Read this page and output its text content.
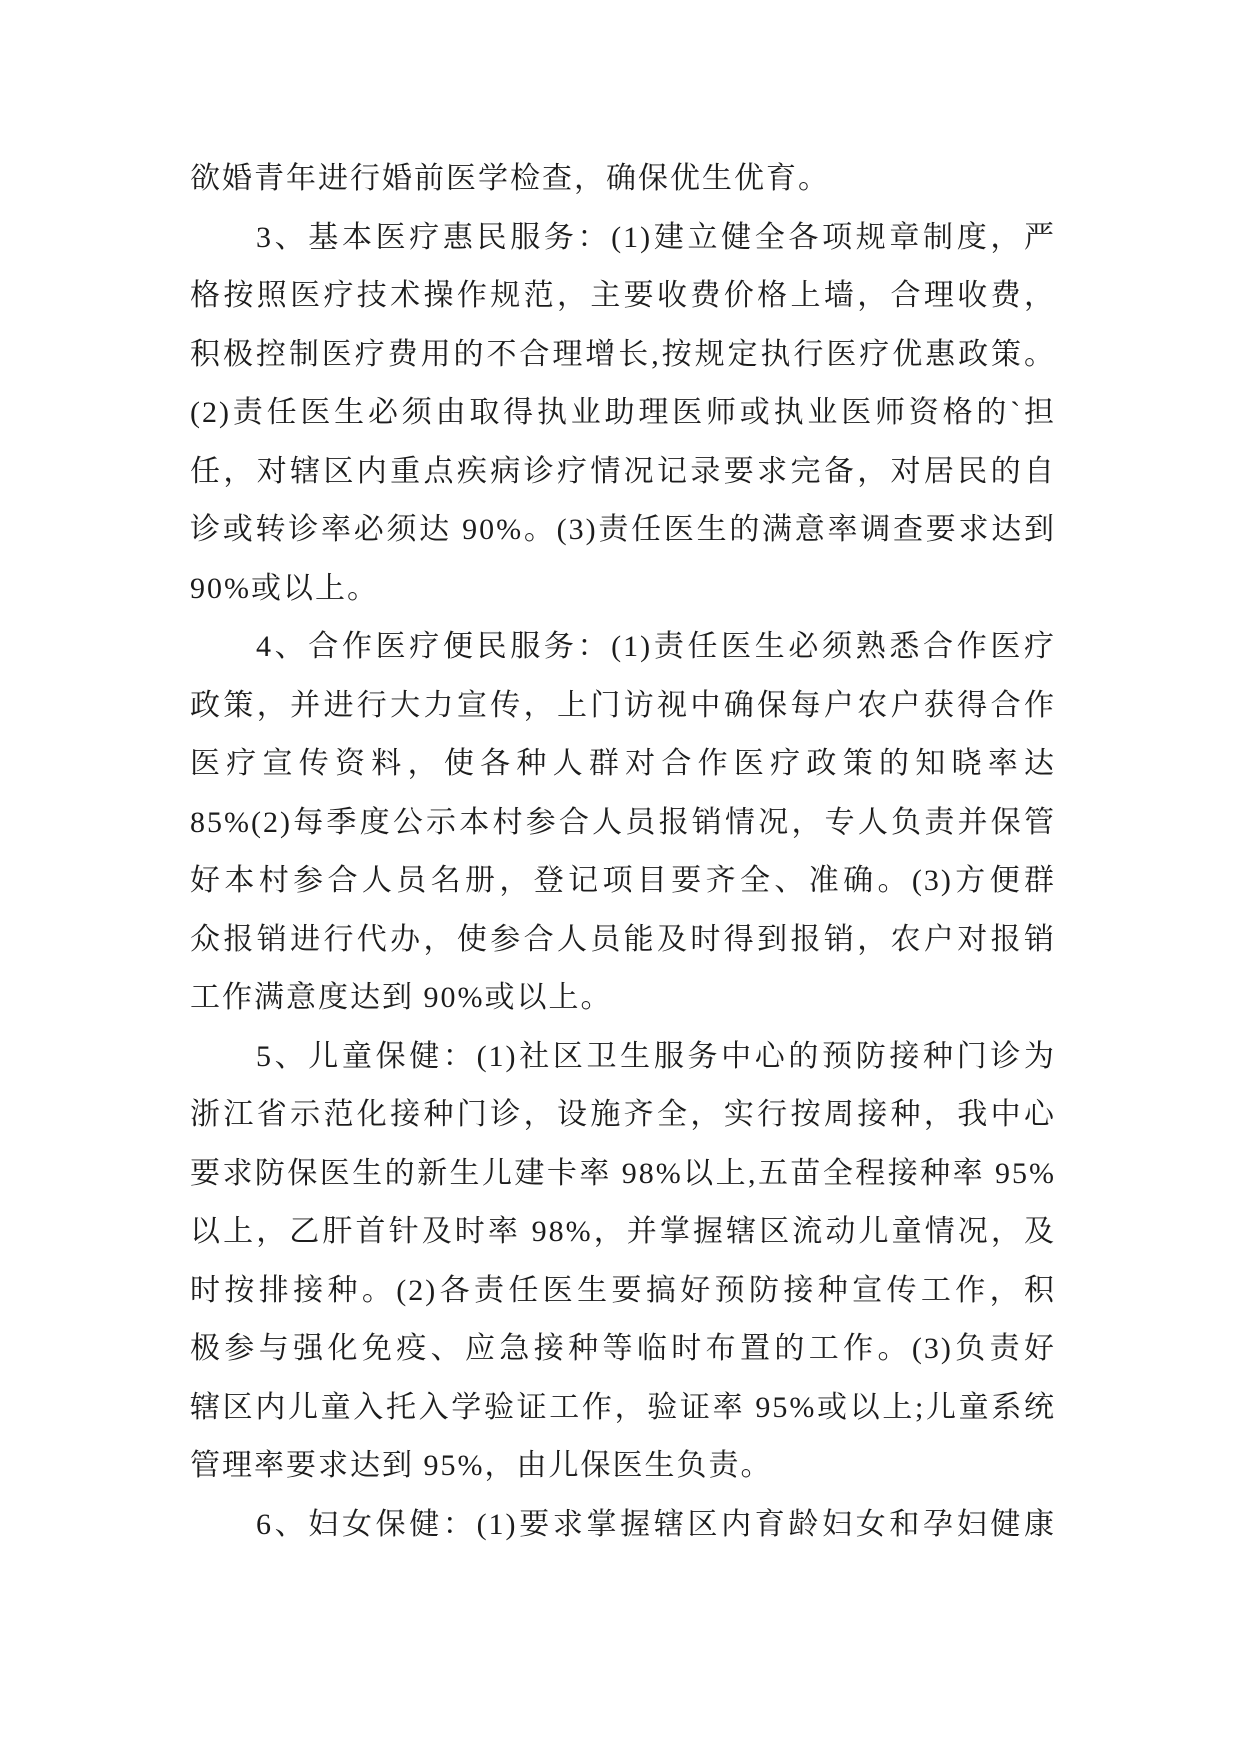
欲婚青年进行婚前医学检查，确保优生优育。
3、基本医疗惠民服务：(1)建立健全各项规章制度，严
格按照医疗技术操作规范，主要收费价格上墙，合理收费，
积极控制医疗费用的不合理增长,按规定执行医疗优惠政策。
(2)责任医生必须由取得执业助理医师或执业医师资格的`担
任，对辖区内重点疾病诊疗情况记录要求完备，对居民的自
诊或转诊率必须达 90%。(3)责任医生的满意率调查要求达到
90%或以上。
4、合作医疗便民服务：(1)责任医生必须熟悉合作医疗
政策，并进行大力宣传，上门访视中确保每户农户获得合作
医疗宣传资料，使各种人群对合作医疗政策的知晓率达
85%(2)每季度公示本村参合人员报销情况，专人负责并保管
好本村参合人员名册，登记项目要齐全、准确。(3)方便群
众报销进行代办，使参合人员能及时得到报销，农户对报销
工作满意度达到 90%或以上。
5、儿童保健：(1)社区卫生服务中心的预防接种门诊为
浙江省示范化接种门诊，设施齐全，实行按周接种，我中心
要求防保医生的新生儿建卡率 98%以上,五苗全程接种率 95%
以上，乙肝首针及时率 98%，并掌握辖区流动儿童情况，及
时按排接种。(2)各责任医生要搞好预防接种宣传工作，积
极参与强化免疫、应急接种等临时布置的工作。(3)负责好
辖区内儿童入托入学验证工作，验证率 95%或以上;儿童系统
管理率要求达到 95%，由儿保医生负责。
6、妇女保健：(1)要求掌握辖区内育龄妇女和孕妇健康
